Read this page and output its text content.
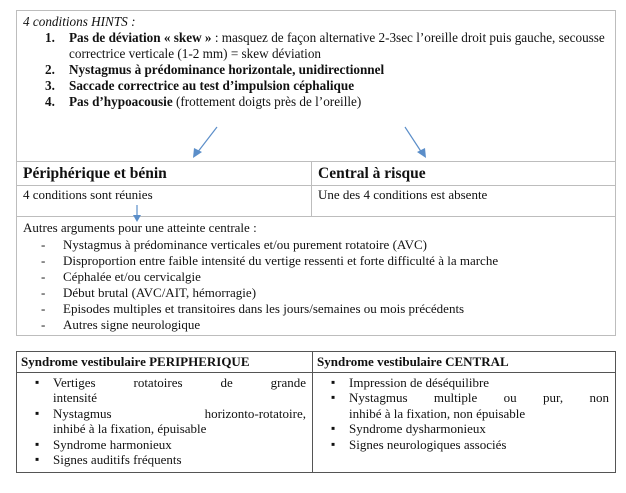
4 conditions HINTS :
1. Pas de déviation « skew » : masquez de façon alternative 2-3sec l’oreille droit puis gauche, secousse correctrice verticale (1-2 mm) = skew déviation
2. Nystagmus à prédominance horizontale, unidirectionnel
3. Saccade correctrice au test d’impulsion céphalique
4. Pas d’hypoacousie (frottement doigts près de l’oreille)
Périphérique et bénin
4 conditions sont réunies
Central à risque
Une des 4 conditions est absente
Autres arguments pour une atteinte centrale :
- Nystagmus à prédominance verticales et/ou purement rotatoire (AVC)
- Disproportion entre faible intensité du vertige ressenti et forte difficulté à la marche
- Céphalée et/ou cervicalgie
- Début brutal (AVC/AIT, hémorragie)
- Episodes multiples et transitoires dans les jours/semaines ou mois précédents
- Autres signe neurologique
Syndrome vestibulaire PERIPHERIQUE
▪ Vertiges rotatoires de grande
intensité
▪ Nystagmus horizonto-rotatoire,
inhibé à la fixation, épuisable
▪ Syndrome harmonieux
▪ Signes auditifs fréquents
Syndrome vestibulaire CENTRAL
▪ Impression de déséquilibre
▪ Nystagmus multiple ou pur, non
inhibé à la fixation, non épuisable
▪ Syndrome dysharmonieux
▪ Signes neurologiques associés
